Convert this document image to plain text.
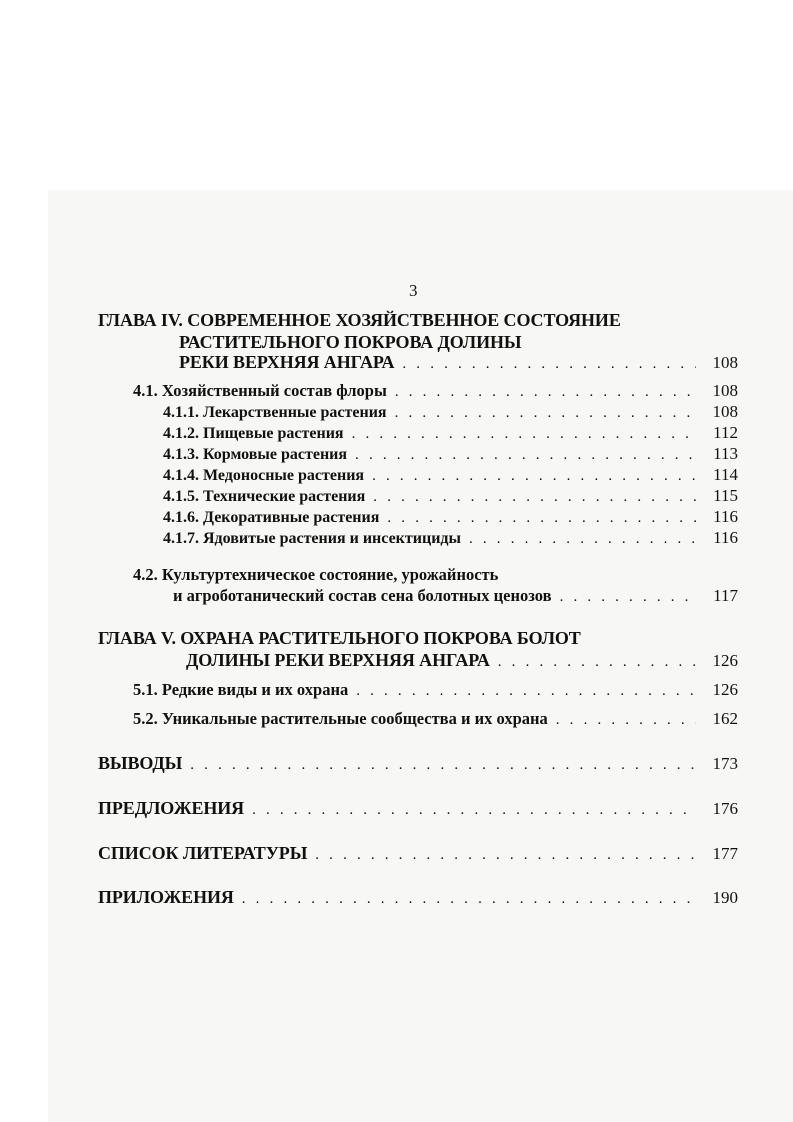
3
ГЛАВА IV. СОВРЕМЕННОЕ ХОЗЯЙСТВЕННОЕ СОСТОЯНИЕ
РАСТИТЕЛЬНОГО ПОКРОВА ДОЛИНЫ
РЕКИ ВЕРХНЯЯ АНГАРА . . .	108
4.1. Хозяйственный состав флоры . . .	108
4.1.1. Лекарственные растения . . .	108
4.1.2. Пищевые растения . . .	112
4.1.3. Кормовые растения . . .	113
4.1.4. Медоносные растения . . .	114
4.1.5. Технические растения . . .	115
4.1.6. Декоративные растения . . .	116
4.1.7. Ядовитые растения и инсектициды . . .	116
4.2. Культуртехническое состояние, урожайность
и агроботанический состав сена болотных ценозов . . .	117
ГЛАВА V. ОХРАНА РАСТИТЕЛЬНОГО ПОКРОВА БОЛОТ
ДОЛИНЫ РЕКИ ВЕРХНЯЯ АНГАРА . . .	126
5.1. Редкие виды и их охрана . . .	126
5.2. Уникальные растительные сообщества и их охрана . . .	162
ВЫВОДЫ . . .	173
ПРЕДЛОЖЕНИЯ . . .	176
СПИСОК ЛИТЕРАТУРЫ . . .	177
ПРИЛОЖЕНИЯ . . .	190
